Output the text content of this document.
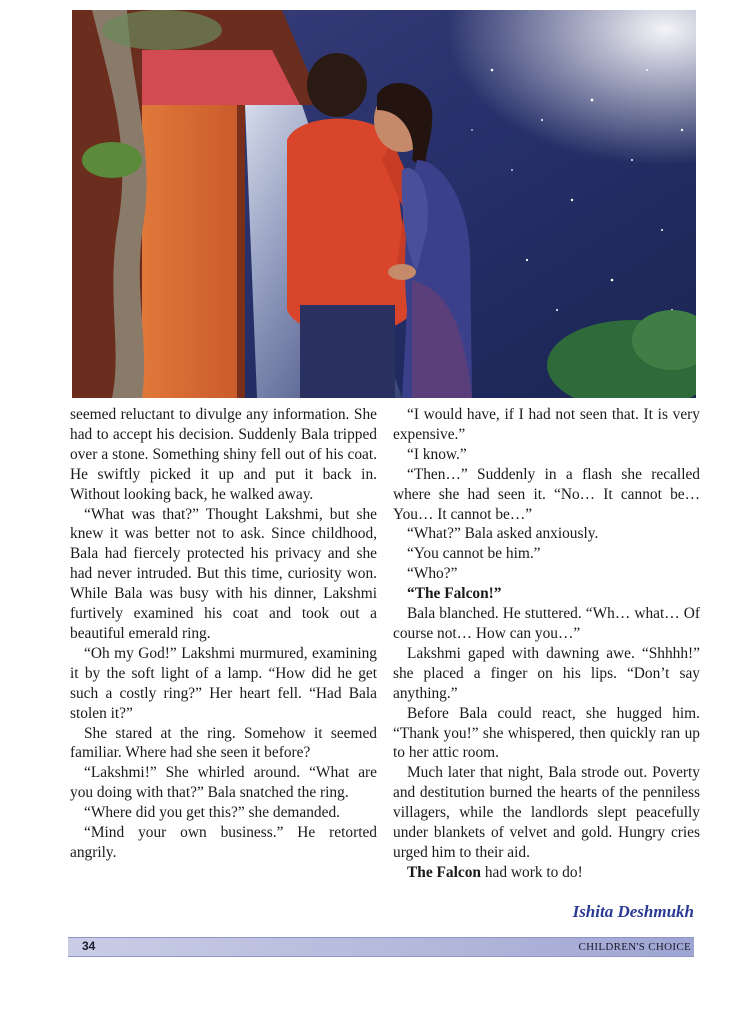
seemed reluctant to divulge any information. She had to accept his decision. Suddenly Bala tripped over a stone. Something shiny fell out of his coat. He swiftly picked it up and put it back in. Without looking back, he walked away.

“What was that?” Thought Lakshmi, but she knew it was better not to ask. Since childhood, Bala had fiercely protected his privacy and she had never intruded. But this time, curiosity won. While Bala was busy with his dinner, Lakshmi furtively examined his coat and took out a beautiful emerald ring.

“Oh my God!” Lakshmi murmured, examining it by the soft light of a lamp. “How did he get such a costly ring?” Her heart fell. “Had Bala stolen it?”

She stared at the ring. Somehow it seemed familiar. Where had she seen it before?

“Lakshmi!” She whirled around. “What are you doing with that?” Bala snatched the ring.

“Where did you get this?” she demanded.

“Mind your own business.” He retorted angrily.

“I would have, if I had not seen that. It is very expensive.”

“I know.”

“Then…” Suddenly in a flash she recalled where she had seen it. “No… It cannot be… You… It cannot be…”

“What?” Bala asked anxiously.

“You cannot be him.”

“Who?”

“The Falcon!”

Bala blanched. He stuttered. “Wh… what… Of course not… How can you…”

Lakshmi gaped with dawning awe. “Shhhh!” she placed a finger on his lips. “Don’t say anything.”

Before Bala could react, she hugged him. “Thank you!” she whispered, then quickly ran up to her attic room.

Much later that night, Bala strode out. Poverty and destitution burned the hearts of the penniless villagers, while the landlords slept peacefully under blankets of velvet and gold. Hungry cries urged him to their aid.

The Falcon had work to do!

Ishita Deshmukh
34	CHILDREN'S CHOICE
